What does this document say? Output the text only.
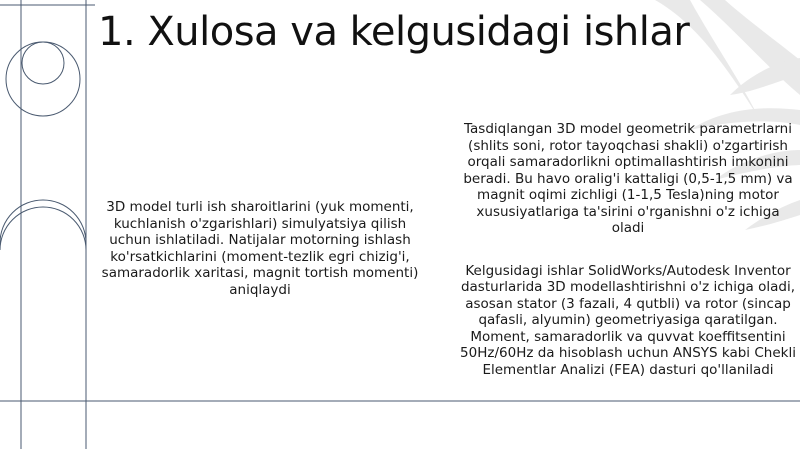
1. Xulosa va kelgusidagi ishlar

3D model turli ish sharoitlarini (yuk momenti, kuchlanish o'zgarishlari) simulyatsiya qilish uchun ishlatiladi. Natijalar motorning ishlash ko'rsatkichlarini (moment-tezlik egri chizig'i, samaradorlik xaritasi, magnit tortish momenti) aniqlaydi

Tasdiqlangan 3D model geometrik parametrlarni (shlits soni, rotor tayoqchasi shakli) o'zgartirish orqali samaradorlikni optimallashtirish imkonini beradi. Bu havo oralig'i kattaligi (0,5-1,5 mm) va magnit oqimi zichligi (1-1,5 Tesla)ning motor xususiyatlariga ta'sirini o'rganishni o'z ichiga oladi

Kelgusidagi ishlar SolidWorks/Autodesk Inventor dasturlarida 3D modellashtirishni o'z ichiga oladi, asosan stator (3 fazali, 4 qutbli) va rotor (sincap qafasli, alyumin) geometriyasiga qaratilgan. Moment, samaradorlik va quvvat koeffitsentini 50Hz/60Hz da hisoblash uchun ANSYS kabi Chekli Elementlar Analizi (FEA) dasturi qo'llaniladi
